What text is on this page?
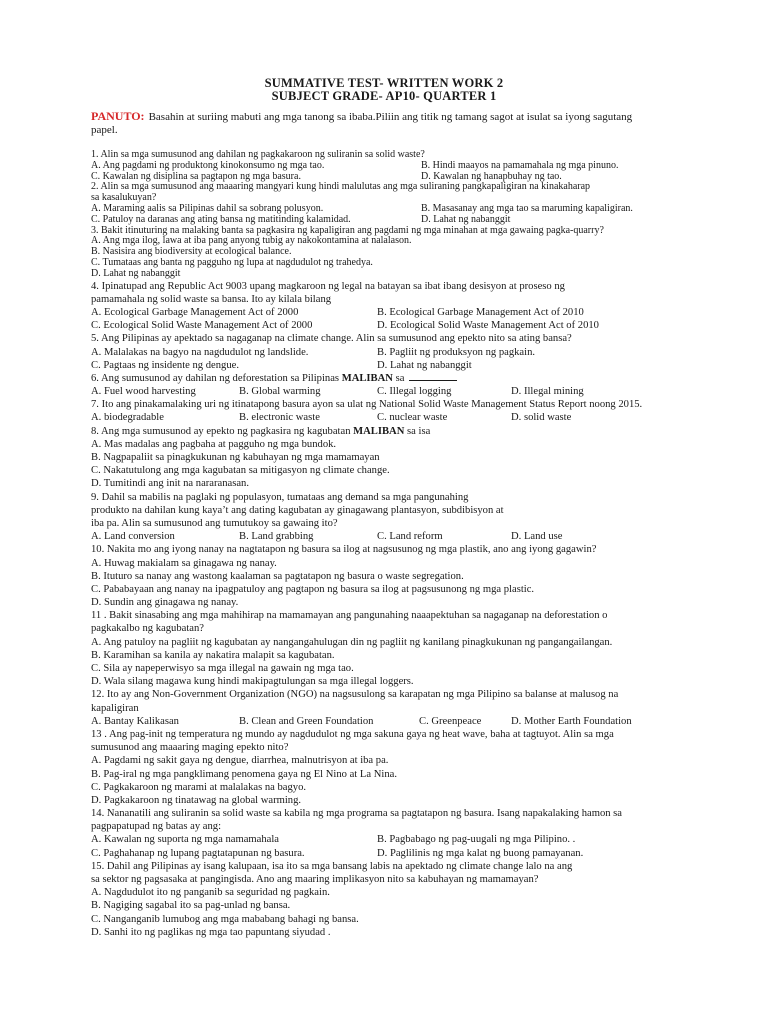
SUMMATIVE TEST- WRITTEN WORK 2
SUBJECT GRADE- AP10- QUARTER 1
PANUTO: Basahin at suriing mabuti ang mga tanong sa ibaba.Piliin ang titik ng tamang sagot at isulat sa iyong sagutang papel.
1. Alin sa mga sumusunod ang dahilan ng pagkakaroon ng suliranin sa solid waste?
A. Ang pagdami ng produktong kinokonsumo ng mga tao.	B. Hindi maayos na pamamahala ng mga pinuno.
C. Kawalan ng disiplina sa pagtapon ng mga basura.	D. Kawalan ng hanapbuhay ng tao.
2. Alin sa mga sumusunod ang maaaring mangyari kung hindi malulutas ang mga suliraning pangkapaligiran na kinakaharap
sa kasalukuyan?
A. Maraming aalis sa Pilipinas dahil sa sobrang polusyon.	B. Masasanay ang mga tao sa maruming kapaligiran.
C. Patuloy na daranas ang ating bansa ng matitinding kalamidad.	D. Lahat ng nabanggit
3. Bakit itinuturing na malaking banta sa pagkasira ng kapaligiran ang pagdami ng mga minahan at mga gawaing pagka-quarry?
A. Ang mga ilog, lawa at iba pang anyong tubig ay nakokontamina at nalalason.
B. Nasisira ang biodiversity at ecological balance.
C. Tumataas ang banta ng pagguho ng lupa at nagdudulot ng trahedya.
D. Lahat ng nabanggit
4. Ipinatupad ang Republic Act 9003 upang magkaroon ng legal na batayan sa ibat ibang desisyon at proseso ng
pamamahala ng solid waste sa bansa. Ito ay kilala bilang
A. Ecological Garbage Management Act of 2000	B. Ecological Garbage Management Act of 2010
C. Ecological Solid Waste Management Act of 2000	D. Ecological Solid Waste Management Act of 2010
5. Ang Pilipinas ay apektado sa nagaganap na climate change. Alin sa sumusunod ang epekto nito sa ating bansa?
A. Malalakas na bagyo na nagdudulot ng landslide.	B. Pagliit ng produksyon ng pagkain.
C. Pagtaas ng insidente ng dengue.	D. Lahat ng nabanggit
6. Ang sumusunod ay dahilan ng deforestation sa Pilipinas MALIBAN sa
A. Fuel wood harvesting	B. Global warming	C. Illegal logging	D. Illegal mining
7. Ito ang pinakamalaking uri ng itinatapong basura ayon sa ulat ng National Solid Waste Management Status Report noong 2015.
A. biodegradable	B. electronic waste	C. nuclear waste	D. solid waste
8. Ang mga sumusunod ay epekto ng pagkasira ng kagubatan MALIBAN sa isa
A. Mas madalas ang pagbaha at pagguho ng mga bundok.
B. Nagpapaliit sa pinagkukunan ng kabuhayan ng mga mamamayan
C. Nakatutulong ang mga kagubatan sa mitigasyon ng climate change.
D. Tumitindi ang init na nararanasan.
9. Dahil sa mabilis na paglaki ng populasyon, tumataas ang demand sa mga pangunahing
produkto na dahilan kung kaya’t ang dating kagubatan ay ginagawang plantasyon, subdibisyon at
iba pa. Alin sa sumusunod ang tumutukoy sa gawaing ito?
A. Land conversion	B. Land grabbing	C. Land reform	D. Land use
10. Nakita mo ang iyong nanay na nagtatapon ng basura sa ilog at nagsusunog ng mga plastik, ano ang iyong gagawin?
A. Huwag makialam sa ginagawa ng nanay.
B. Ituturo sa nanay ang wastong kaalaman sa pagtatapon ng basura o waste segregation.
C. Pababayaan ang nanay na ipagpatuloy ang pagtapon ng basura sa ilog at pagsusunong ng mga plastic.
D. Sundin ang ginagawa ng nanay.
11 . Bakit sinasabing ang mga mahihirap na mamamayan ang pangunahing naaapektuhan sa nagaganap na deforestation o
pagkakalbo ng kagubatan?
A. Ang patuloy na pagliit ng kagubatan ay nangangahulugan din ng pagliit ng kanilang pinagkukunan ng pangangailangan.
B. Karamihan sa kanila ay nakatira malapit sa kagubatan.
C. Sila ay napeperwisyo sa mga illegal na gawain ng mga tao.
D. Wala silang magawa kung hindi makipagtulungan sa mga illegal loggers.
12. Ito ay ang Non-Government Organization (NGO) na nagsusulong sa karapatan ng mga Pilipino sa balanse at malusog na
kapaligiran
A. Bantay Kalikasan	B. Clean and Green Foundation	C. Greenpeace	D. Mother Earth Foundation
13 . Ang pag-init ng temperatura ng mundo ay nagdudulot ng mga sakuna gaya ng heat wave, baha at tagtuyot. Alin sa mga
sumusunod ang maaaring maging epekto nito?
A. Pagdami ng sakit gaya ng dengue, diarrhea, malnutrisyon at iba pa.
B. Pag-iral ng mga pangklimang penomena gaya ng El Nino at La Nina.
C. Pagkakaroon ng marami at malalakas na bagyo.
D. Pagkakaroon ng tinatawag na global warming.
14. Nananatili ang suliranin sa solid waste sa kabila ng mga programa sa pagtatapon ng basura. Isang napakalaking hamon sa
pagpapatupad ng batas ay ang:
A. Kawalan ng suporta ng mga namamahala	B. Pagbabago ng pag-uugali ng mga Pilipino. .
C. Paghahanap ng lupang pagtatapunan ng basura.	D. Paglilinis ng mga kalat ng buong pamayanan.
15. Dahil ang Pilipinas ay isang kalupaan, isa ito sa mga bansang labis na apektado ng climate change lalo na ang
sa sektor ng pagsasaka at pangingisda. Ano ang maaring implikasyon nito sa kabuhayan ng mamamayan?
A. Nagdudulot ito ng panganib sa seguridad ng pagkain.
B. Nagiging sagabal ito sa pag-unlad ng bansa.
C. Nanganganib lumubog ang mga mababang bahagi ng bansa.
D. Sanhi ito ng paglikas ng mga tao papuntang siyudad .
